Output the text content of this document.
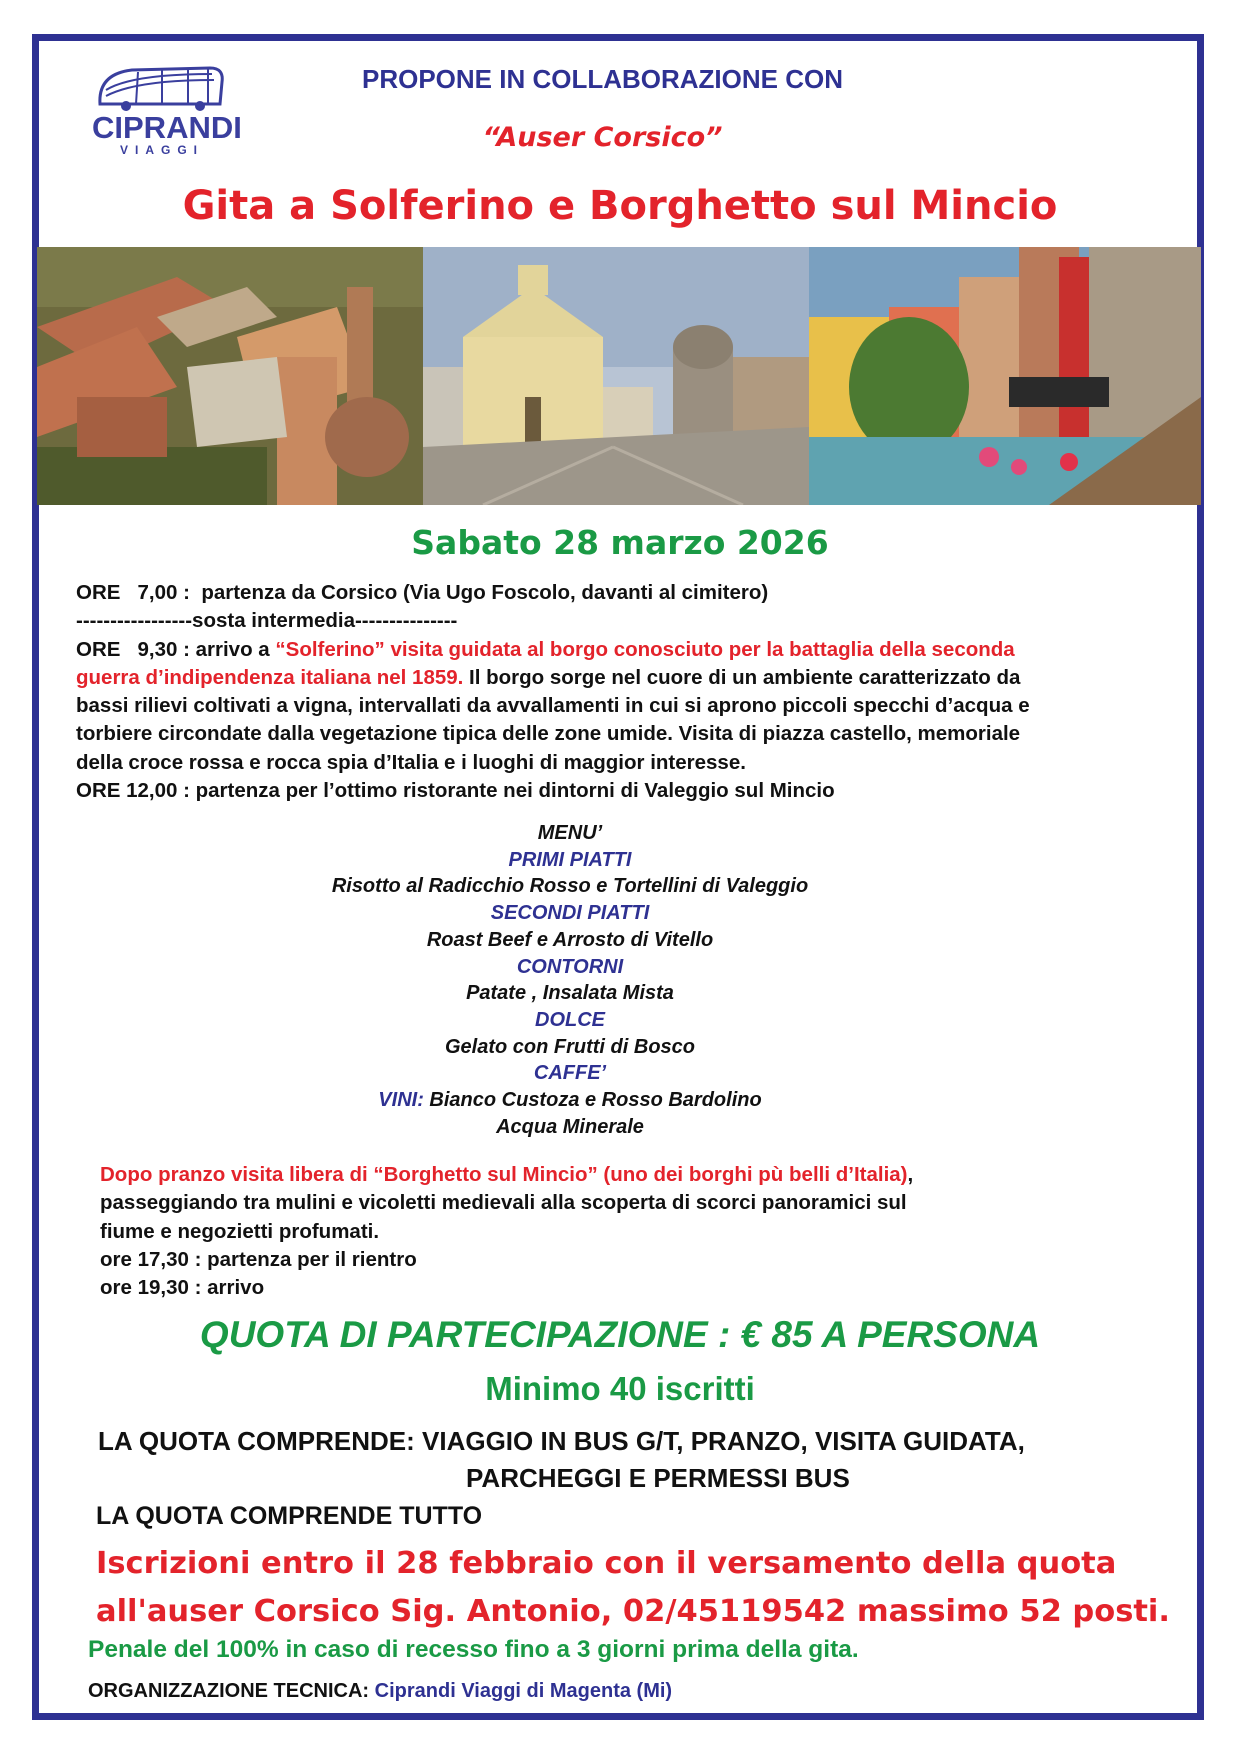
CIPRANDI
VIAGGI
PROPONE IN COLLABORAZIONE CON
“Auser Corsico”
Gita a Solferino e Borghetto sul Mincio
Sabato 28 marzo 2026
ORE   7,00 :  partenza da Corsico (Via Ugo Foscolo, davanti al cimitero)
-----------------sosta intermedia---------------
ORE   9,30 : arrivo a “Solferino” visita guidata al borgo conosciuto per la battaglia della seconda
guerra d’indipendenza italiana nel 1859. Il borgo sorge nel cuore di un ambiente caratterizzato da
bassi rilievi coltivati a vigna, intervallati da avvallamenti in cui si aprono piccoli specchi d’acqua e
torbiere circondate dalla vegetazione tipica delle zone umide. Visita di piazza castello, memoriale
della croce rossa e rocca spia d’Italia e i luoghi di maggior interesse.
ORE 12,00 : partenza per l’ottimo ristorante nei dintorni di Valeggio sul Mincio
MENU’
PRIMI PIATTI
Risotto al Radicchio Rosso e Tortellini di Valeggio
SECONDI PIATTI
Roast Beef e Arrosto di Vitello
CONTORNI
Patate , Insalata Mista
DOLCE
Gelato con Frutti di Bosco
CAFFE’
VINI: Bianco Custoza e Rosso Bardolino
Acqua Minerale
Dopo pranzo visita libera di “Borghetto sul Mincio” (uno dei borghi pù belli d’Italia),
passeggiando tra mulini e vicoletti medievali alla scoperta di scorci panoramici sul
fiume e negozietti profumati.
ore 17,30 : partenza per il rientro
ore 19,30 : arrivo
QUOTA DI PARTECIPAZIONE : € 85 A PERSONA
Minimo 40 iscritti
LA QUOTA COMPRENDE: VIAGGIO IN BUS G/T, PRANZO, VISITA GUIDATA,
PARCHEGGI E PERMESSI BUS
LA QUOTA COMPRENDE TUTTO
Iscrizioni entro il 28 febbraio con il versamento della quota
all'auser Corsico Sig. Antonio, 02/45119542 massimo 52 posti.
Penale del 100% in caso di recesso fino a 3 giorni prima della gita.
ORGANIZZAZIONE TECNICA: Ciprandi Viaggi di Magenta (Mi)
